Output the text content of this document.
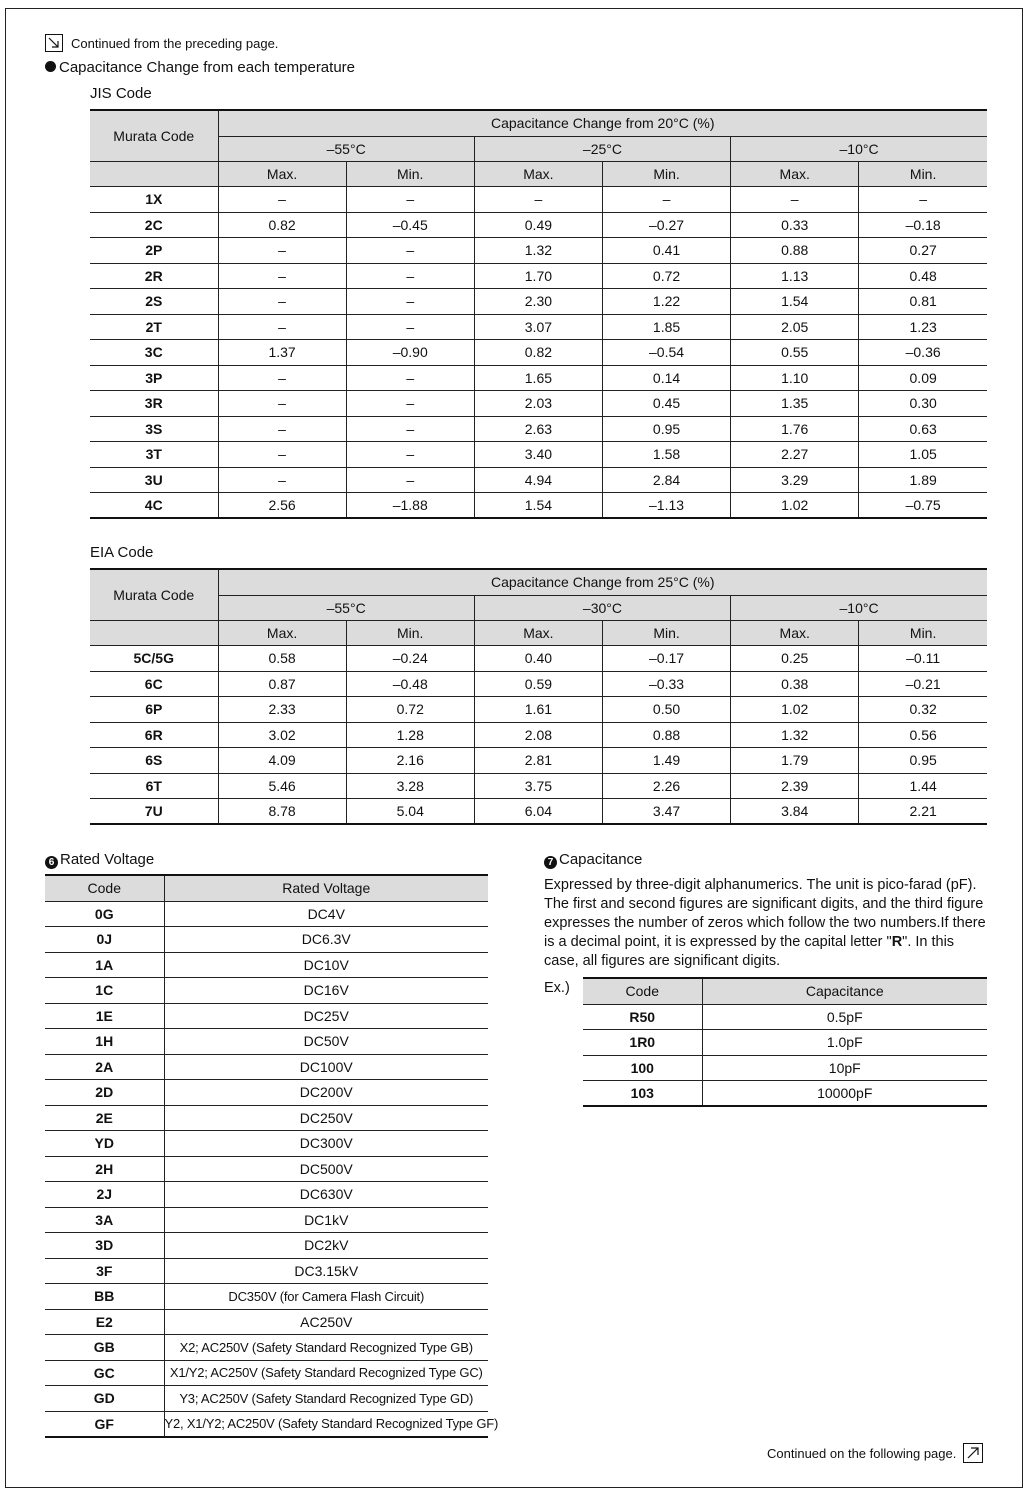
Continued from the preceding page.
Capacitance Change from each temperature
JIS Code
Murata Code	Capacitance Change from 20°C (%)					
	–55°C		–25°C		–10°C	
	Max.	Min.	Max.	Min.	Max.	Min.
1X	–	–	–	–	–	–
2C	0.82	–0.45	0.49	–0.27	0.33	–0.18
2P	–	–	1.32	0.41	0.88	0.27
2R	–	–	1.70	0.72	1.13	0.48
2S	–	–	2.30	1.22	1.54	0.81
2T	–	–	3.07	1.85	2.05	1.23
3C	1.37	–0.90	0.82	–0.54	0.55	–0.36
3P	–	–	1.65	0.14	1.10	0.09
3R	–	–	2.03	0.45	1.35	0.30
3S	–	–	2.63	0.95	1.76	0.63
3T	–	–	3.40	1.58	2.27	1.05
3U	–	–	4.94	2.84	3.29	1.89
4C	2.56	–1.88	1.54	–1.13	1.02	–0.75
EIA Code
Murata Code	Capacitance Change from 25°C (%)					
	–55°C		–30°C		–10°C	
	Max.	Min.	Max.	Min.	Max.	Min.
5C/5G	0.58	–0.24	0.40	–0.17	0.25	–0.11
6C	0.87	–0.48	0.59	–0.33	0.38	–0.21
6P	2.33	0.72	1.61	0.50	1.02	0.32
6R	3.02	1.28	2.08	0.88	1.32	0.56
6S	4.09	2.16	2.81	1.49	1.79	0.95
6T	5.46	3.28	3.75	2.26	2.39	1.44
7U	8.78	5.04	6.04	3.47	3.84	2.21
6 Rated Voltage
Code	Rated Voltage
0G	DC4V
0J	DC6.3V
1A	DC10V
1C	DC16V
1E	DC25V
1H	DC50V
2A	DC100V
2D	DC200V
2E	DC250V
YD	DC300V
2H	DC500V
2J	DC630V
3A	DC1kV
3D	DC2kV
3F	DC3.15kV
BB	DC350V (for Camera Flash Circuit)
E2	AC250V
GB	X2; AC250V (Safety Standard Recognized Type GB)
GC	X1/Y2; AC250V (Safety Standard Recognized Type GC)
GD	Y3; AC250V (Safety Standard Recognized Type GD)
GF	Y2, X1/Y2; AC250V (Safety Standard Recognized Type GF)
7 Capacitance
Expressed by three-digit alphanumerics. The unit is pico-farad (pF). The first and second figures are significant digits, and the third figure expresses the number of zeros which follow the two numbers.If there is a decimal point, it is expressed by the capital letter "R". In this case, all figures are significant digits.
Ex.)	Code	Capacitance
R50	0.5pF
1R0	1.0pF
100	10pF
103	10000pF
Continued on the following page.
